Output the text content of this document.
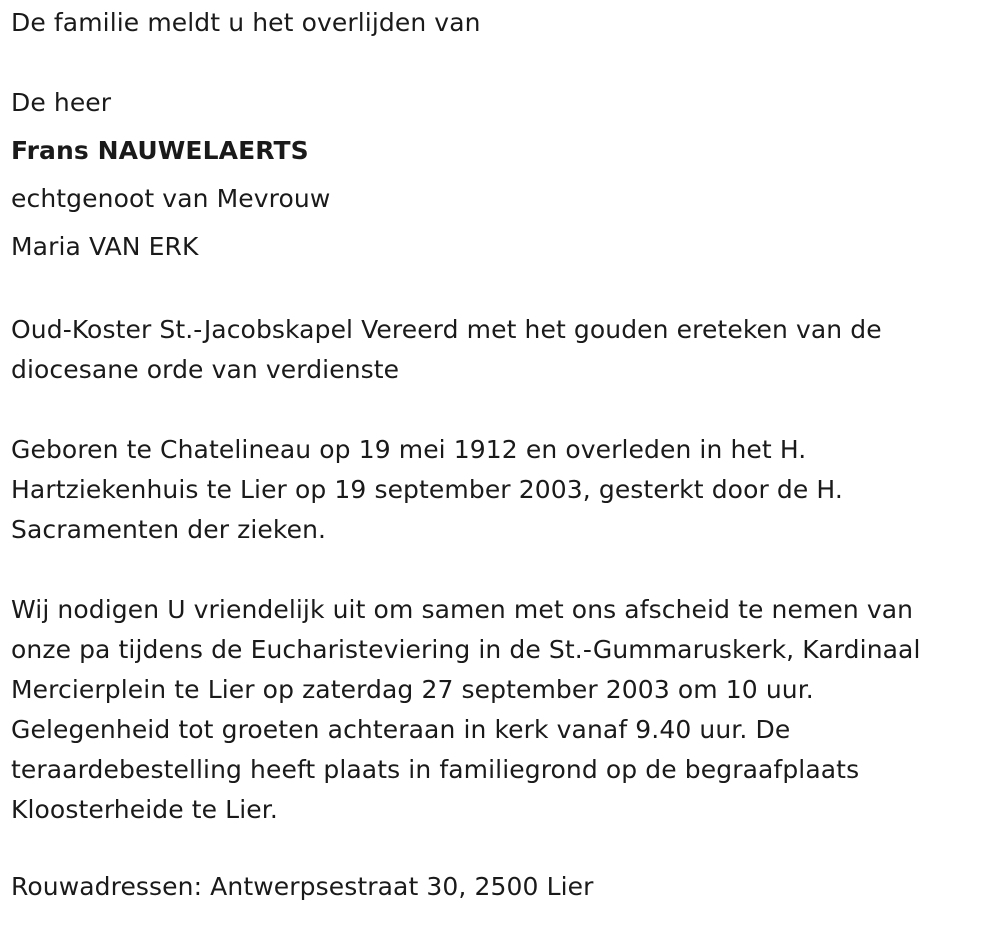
De familie meldt u het overlijden van
De heer
Frans NAUWELAERTS
echtgenoot van Mevrouw
Maria VAN ERK
Oud-Koster St.-Jacobskapel Vereerd met het gouden ereteken van de
diocesane orde van verdienste
Geboren te Chatelineau op 19 mei 1912 en overleden in het H.
Hartziekenhuis te Lier op 19 september 2003, gesterkt door de H.
Sacramenten der zieken.
Wij nodigen U vriendelijk uit om samen met ons afscheid te nemen van
onze pa tijdens de Eucharisteviering in de St.-Gummaruskerk, Kardinaal
Mercierplein te Lier op zaterdag 27 september 2003 om 10 uur.
Gelegenheid tot groeten achteraan in kerk vanaf 9.40 uur. De
teraardebestelling heeft plaats in familiegrond op de begraafplaats
Kloosterheide te Lier.
Rouwadressen: Antwerpsestraat 30, 2500 Lier
